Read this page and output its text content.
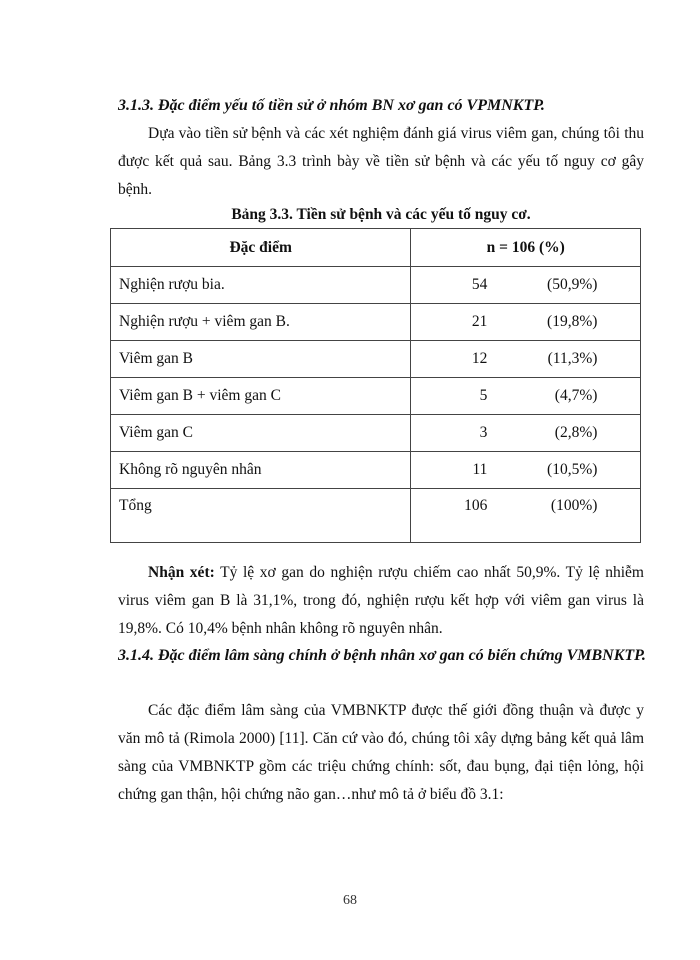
3.1.3. Đặc điểm yếu tố tiền sử ở nhóm BN xơ gan có VPMNKTP.
Dựa vào tiền sử bệnh và các xét nghiệm đánh giá virus viêm gan, chúng tôi thu được kết quả sau. Bảng 3.3 trình bày về tiền sử bệnh và các yếu tố nguy cơ gây bệnh.
Bảng 3.3. Tiền sử bệnh và các yếu tố nguy cơ.
Đặc điểm	n = 106 (%)
Nghiện rượu bia.	54 (50,9%)

Nghiện rượu + viêm gan B.	21 (19,8%)

Viêm gan B	12 (11,3%)

Viêm gan B + viêm gan C	5 (4,7%)

Viêm gan C	3 (2,8%)

Không rõ nguyên nhân	11 (10,5%)

Tổng	106 (100%)
Nhận xét: Tỷ lệ xơ gan do nghiện rượu chiếm cao nhất 50,9%. Tỷ lệ nhiễm virus viêm gan B là 31,1%, trong đó, nghiện rượu kết hợp với viêm gan virus là 19,8%. Có 10,4% bệnh nhân không rõ nguyên nhân.
3.1.4. Đặc điểm lâm sàng chính ở bệnh nhân xơ gan có biến chứng VMBNKTP.
Các đặc điểm lâm sàng của VMBNKTP được thế giới đồng thuận và được y văn mô tả (Rimola 2000) [11]. Căn cứ vào đó, chúng tôi xây dựng bảng kết quả lâm sàng của VMBNKTP gồm các triệu chứng chính: sốt, đau bụng, đại tiện lỏng, hội chứng gan thận, hội chứng não gan…như mô tả ở biểu đồ 3.1:
68
